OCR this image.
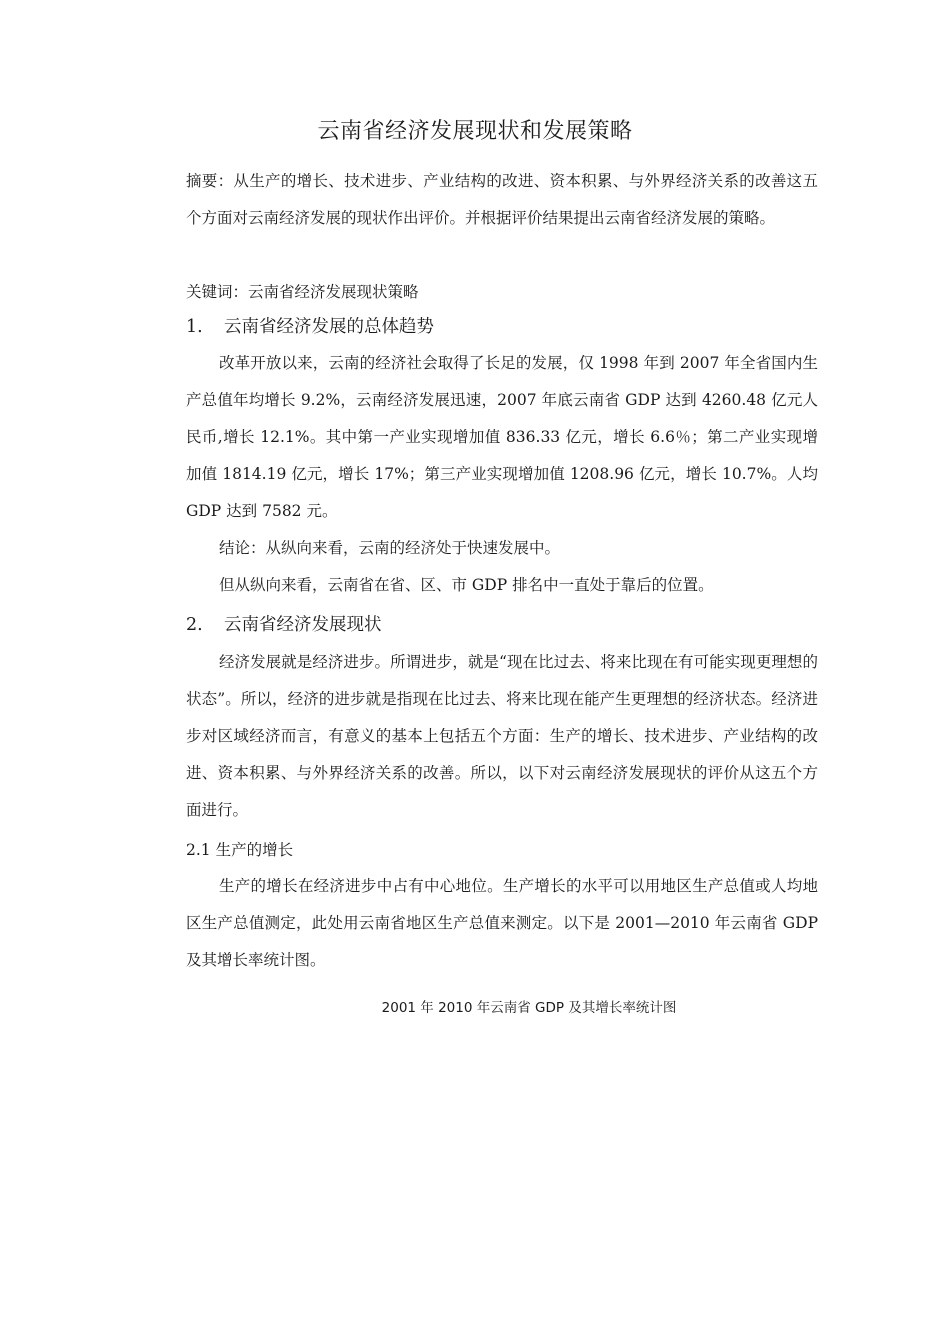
云南省经济发展现状和发展策略
摘要：从生产的增长、技术进步、产业结构的改进、资本积累、与外界经济关系的改善这五个方面对云南经济发展的现状作出评价。并根据评价结果提出云南省经济发展的策略。
关键词：云南省经济发展现状策略
1. 云南省经济发展的总体趋势
改革开放以来，云南的经济社会取得了长足的发展，仅 1998 年到 2007 年全省国内生产总值年均增长 9.2%，云南经济发展迅速，2007 年底云南省 GDP 达到 4260.48 亿元人民币,增长 12.1%。其中第一产业实现增加值 836.33 亿元，增长 6.6％；第二产业实现增加值 1814.19 亿元，增长 17%；第三产业实现增加值 1208.96 亿元，增长 10.7%。人均 GDP 达到 7582 元。
结论：从纵向来看，云南的经济处于快速发展中。
但从纵向来看，云南省在省、区、市 GDP 排名中一直处于靠后的位置。
2. 云南省经济发展现状
经济发展就是经济进步。所谓进步，就是“现在比过去、将来比现在有可能实现更理想的状态”。所以，经济的进步就是指现在比过去、将来比现在能产生更理想的经济状态。经济进步对区域经济而言，有意义的基本上包括五个方面：生产的增长、技术进步、产业结构的改进、资本积累、与外界经济关系的改善。所以，以下对云南经济发展现状的评价从这五个方面进行。
2.1 生产的增长
生产的增长在经济进步中占有中心地位。生产增长的水平可以用地区生产总值或人均地区生产总值测定，此处用云南省地区生产总值来测定。以下是 2001—2010 年云南省 GDP 及其增长率统计图。
2001 年 2010 年云南省 GDP 及其增长率统计图
